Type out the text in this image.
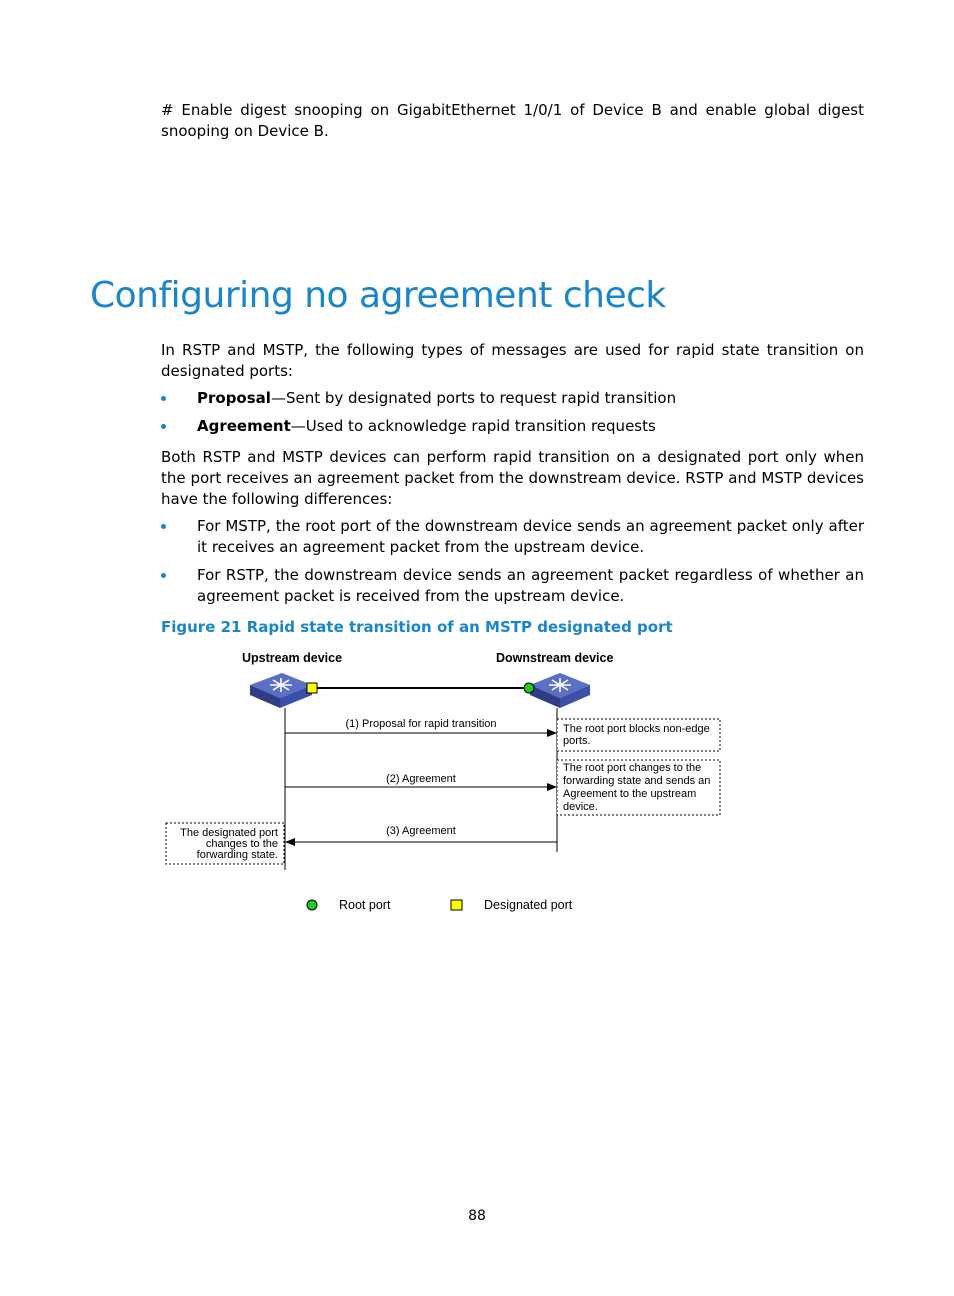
# Enable digest snooping on GigabitEthernet 1/0/1 of Device B and enable global digest snooping on Device B.
Configuring no agreement check
In RSTP and MSTP, the following types of messages are used for rapid state transition on designated ports:
Proposal—Sent by designated ports to request rapid transition
Agreement—Used to acknowledge rapid transition requests
Both RSTP and MSTP devices can perform rapid transition on a designated port only when the port receives an agreement packet from the downstream device. RSTP and MSTP devices have the following differences:
For MSTP, the root port of the downstream device sends an agreement packet only after it receives an agreement packet from the upstream device.
For RSTP, the downstream device sends an agreement packet regardless of whether an agreement packet is received from the upstream device.
Figure 21 Rapid state transition of an MSTP designated port
Upstream device	Downstream device
(1) Proposal for rapid transition
(2) Agreement
(3) Agreement
The root port blocks non-edge
ports.
The root port changes to the
forwarding state and sends an
Agreement to the upstream
device.
The designated port
changes to the
forwarding state.
Root port	Designated port
88
